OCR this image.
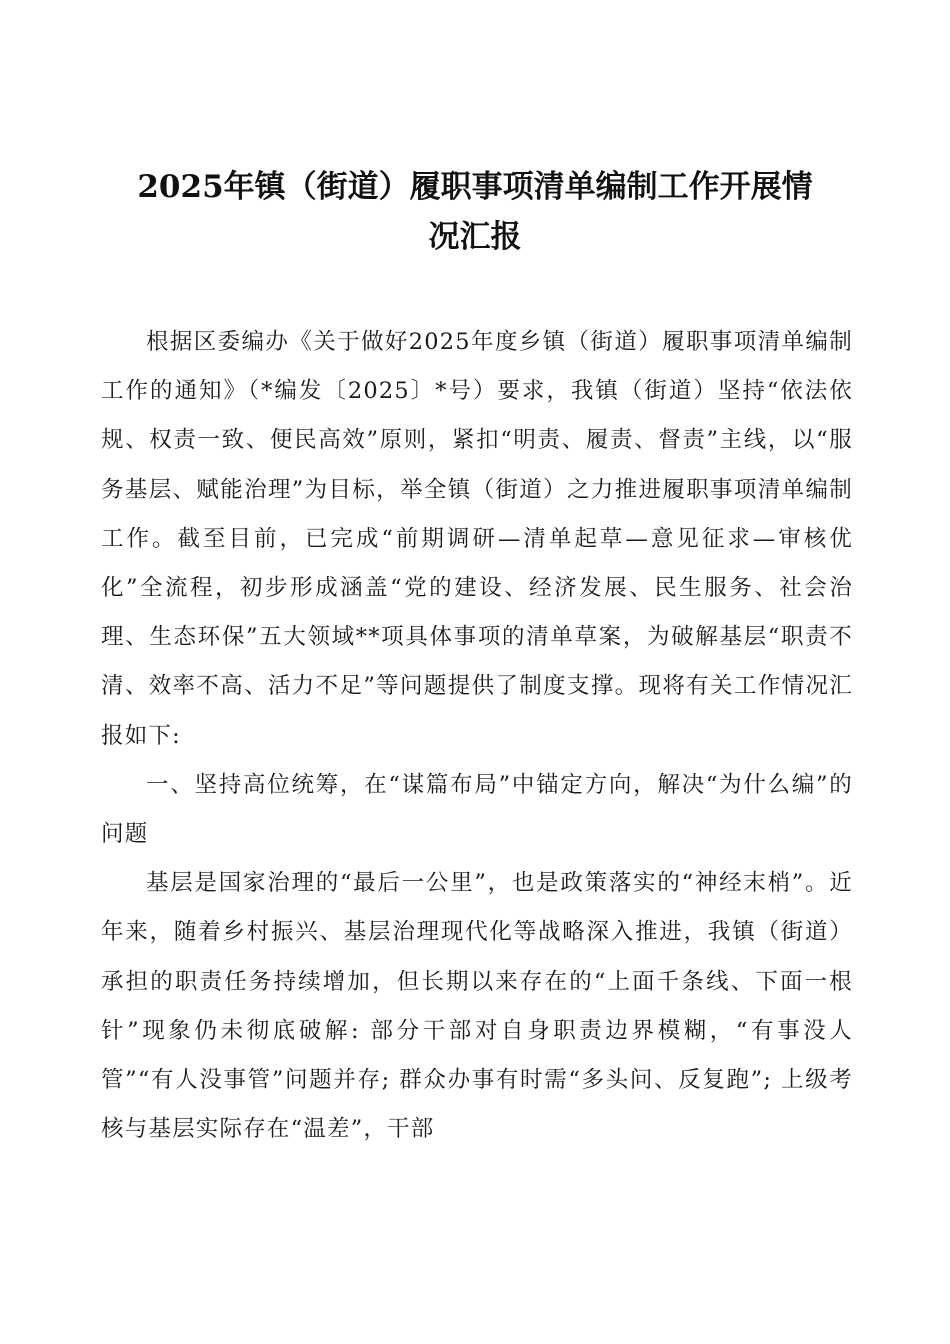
2025年镇（街道）履职事项清单编制工作开展情
况汇报

根据区委编办《关于做好2025年度乡镇（街道）履职事项清单编制工作的通知》（*编发〔2025〕*号）要求，我镇（街道）坚持“依法依规、权责一致、便民高效”原则，紧扣“明责、履责、督责”主线，以“服务基层、赋能治理”为目标，举全镇（街道）之力推进履职事项清单编制工作。截至目前，已完成“前期调研—清单起草—意见征求—审核优化”全流程，初步形成涵盖“党的建设、经济发展、民生服务、社会治理、生态环保”五大领域**项具体事项的清单草案，为破解基层“职责不清、效率不高、活力不足”等问题提供了制度支撑。现将有关工作情况汇报如下:

一、坚持高位统筹，在“谋篇布局”中锚定方向，解决“为什么编”的问题

基层是国家治理的“最后一公里”，也是政策落实的“神经末梢”。近年来，随着乡村振兴、基层治理现代化等战略深入推进，我镇（街道）承担的职责任务持续增加，但长期以来存在的“上面千条线、下面一根针”现象仍未彻底破解: 部分干部对自身职责边界模糊，“有事没人管”“有人没事管”问题并存; 群众办事有时需“多头问、反复跑”; 上级考核与基层实际存在“温差”，干部
